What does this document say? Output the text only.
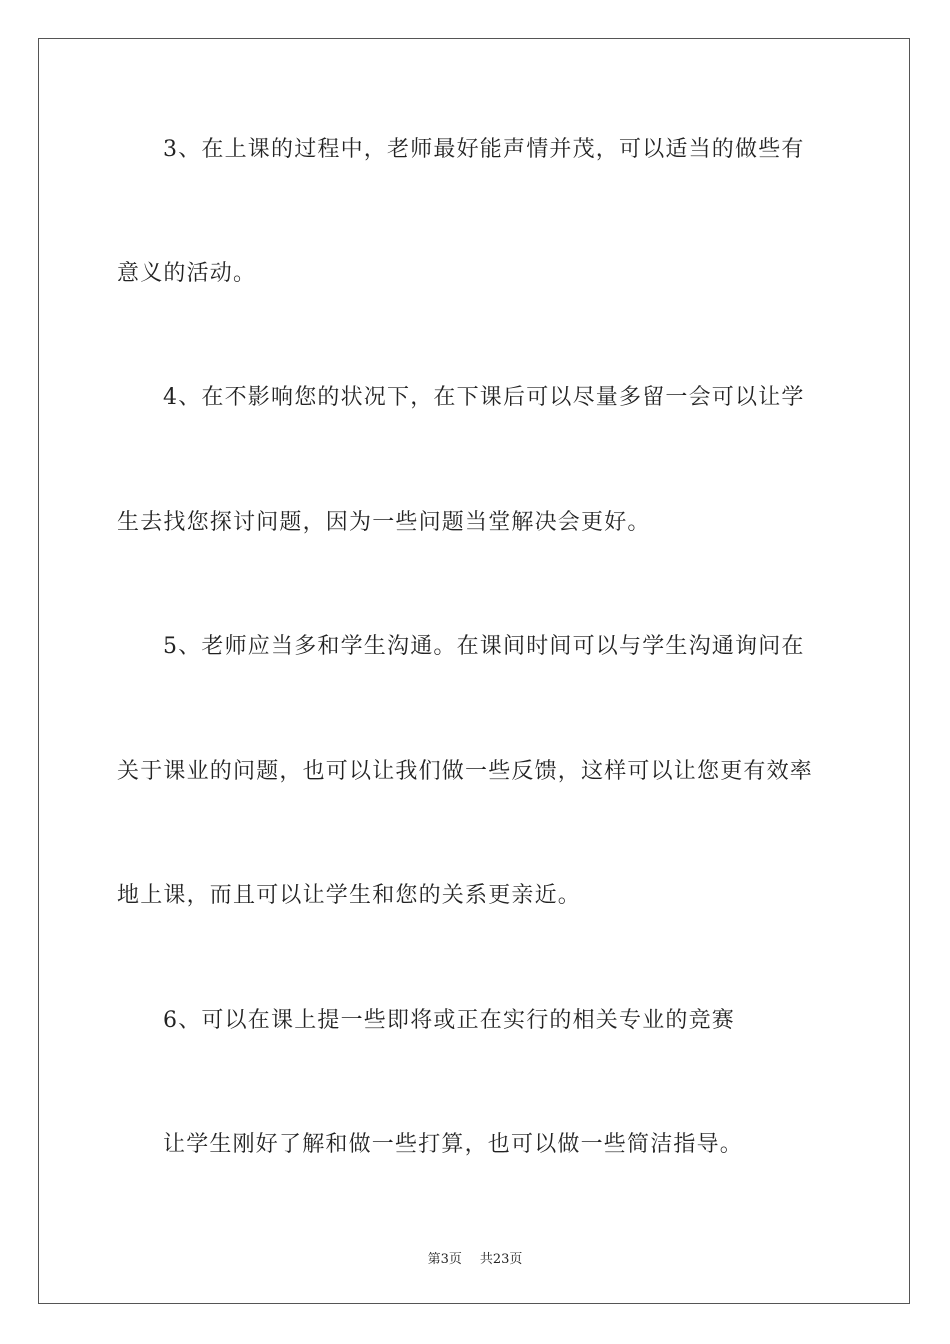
3、在上课的过程中，老师最好能声情并茂，可以适当的做些有
意义的活动。
4、在不影响您的状况下，在下课后可以尽量多留一会可以让学
生去找您探讨问题，因为一些问题当堂解决会更好。
5、老师应当多和学生沟通。在课间时间可以与学生沟通询问在
关于课业的问题，也可以让我们做一些反馈，这样可以让您更有效率
地上课，而且可以让学生和您的关系更亲近。
6、可以在课上提一些即将或正在实行的相关专业的竞赛
让学生刚好了解和做一些打算，也可以做一些简洁指导。
第3页 共23页
